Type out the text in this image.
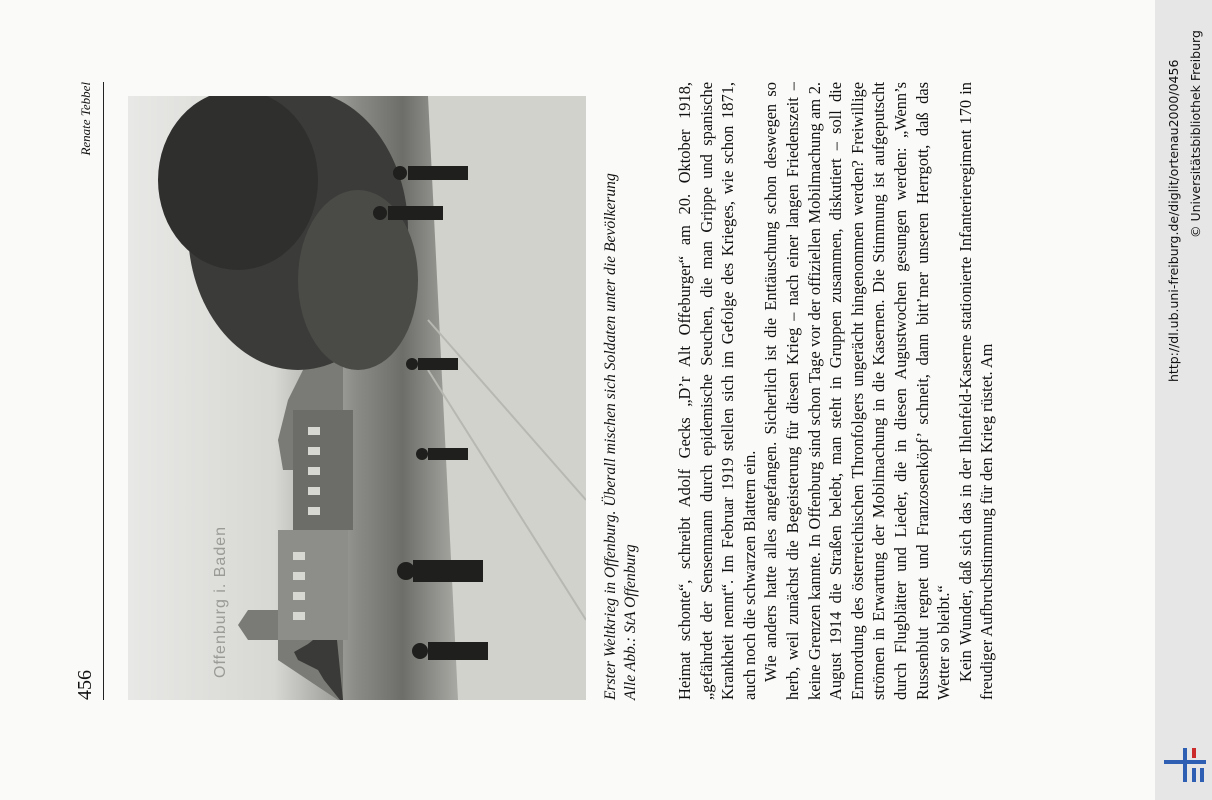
456
Renate Tebbel
Offenburg i. Baden	Erster Weltkrieg in Offenburg. Überall mischen sich Soldaten unter die Bevölkerung Alle Abb.: StA Offenburg Heimat schonte“, schreibt Adolf Gecks „D’r Alt Offeburger“ am 20. Oktober 1918, „gefährdet der Sensenmann durch epidemische Seuchen, die man Grippe und spanische Krankheit nennt“. Im Februar 1919 stellen sich im Gefolge des Krieges, wie schon 1871, auch noch die schwarzen Blattern ein. Wie anders hatte alles angefangen. Sicherlich ist die Enttäuschung schon deswegen so herb, weil zunächst die Begeisterung für diesen Krieg – nach einer langen Friedenszeit – keine Grenzen kannte. In Offenburg sind schon Tage vor der offiziellen Mobilmachung am 2. August 1914 die Straßen belebt, man steht in Gruppen zusammen, diskutiert – soll die Ermordung des österreichischen Thronfolgers ungerächt hingenommen werden? Freiwillige strömen in Erwartung der Mobilmachung in die Kasernen. Die Stimmung ist aufgeputscht durch Flugblätter und Lieder, die in diesen Augustwochen gesungen werden: „Wenn’s Russenblut regnet und Franzosenköpf’ schneit, dann bitt’mer unseren Herrgott, daß das Wetter so bleibt.“ Kein Wunder, daß sich das in der Ihlenfeld-Kaserne stationierte Infanterieregiment 170 in freudiger Aufbruchstimmung für den Krieg rüstet. Am

http://dl.ub.uni-freiburg.de/diglit/ortenau2000/0456 © Universitätsbibliothek Freiburg
